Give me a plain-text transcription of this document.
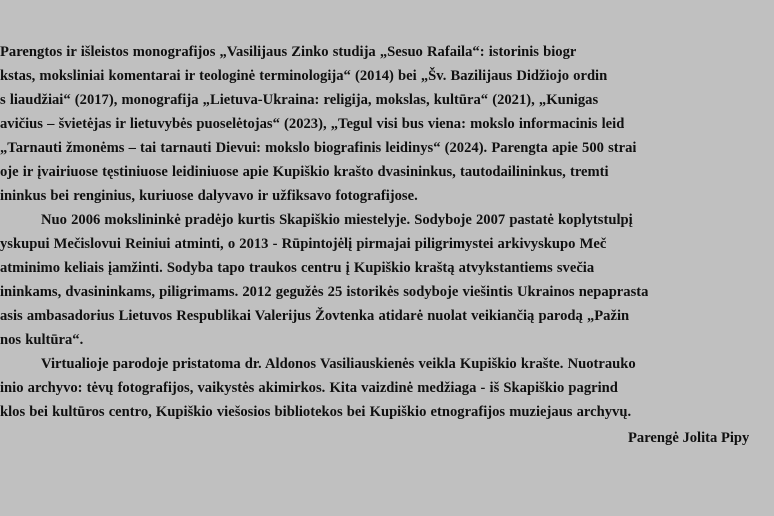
Parengtos ir išleistos monografijos „Vasilijaus Zinko studija „Sesuo Rafaila“: istorinis biogr
kstas, moksliniai komentarai ir teologinė terminologija“ (2014) bei „Šv. Bazilijaus Didžiojo ordin
s liaudžiai“ (2017), monografija „Lietuva-Ukraina: religija, mokslas, kultūra“ (2021), „Kunigas
avičius – švietėjas ir lietuvybės puoselėtojas“ (2023), „Tegul visi bus viena: mokslo informacinis leid
„Tarnauti žmonėms – tai tarnauti Dievui: mokslo biografinis leidinys“ (2024). Parengta apie 500 strai
oje ir įvairiuose tęstiniuose leidiniuose apie Kupiškio krašto dvasininkus, tautodailininkus, tremti
ininkus bei renginius, kuriuose dalyvavo ir užfiksavo fotografijose.
Nuo 2006 mokslininkė pradėjo kurtis Skapiškio miestelyje. Sodyboje 2007 pastatė koplytstulpį
yskupui Mečislovui Reiniui atminti, o 2013 - Rūpintojėlį pirmajai piligrimystei arkivyskupo Meč
atminimo keliais įamžinti. Sodyba tapo traukos centru į Kupiškio kraštą atvykstantiems svečia
ininkams, dvasininkams, piligrimams. 2012 gegužės 25 istorikės sodyboje viešintis Ukrainos nepaprasta
asis ambasadorius Lietuvos Respublikai Valerijus Žovtenka atidarė nuolat veikiančią parodą „Pažin
nos kultūra“.
Virtualioje parodoje pristatoma dr. Aldonos Vasiliauskienės veikla Kupiškio krašte. Nuotrauko
inio archyvo: tėvų fotografijos, vaikystės akimirkos. Kita vaizdinė medžiaga - iš Skapiškio pagrind
klos bei kultūros centro, Kupiškio viešosios bibliotekos bei Kupiškio etnografijos muziejaus archyvų.
Parengė Jolita Pipy
